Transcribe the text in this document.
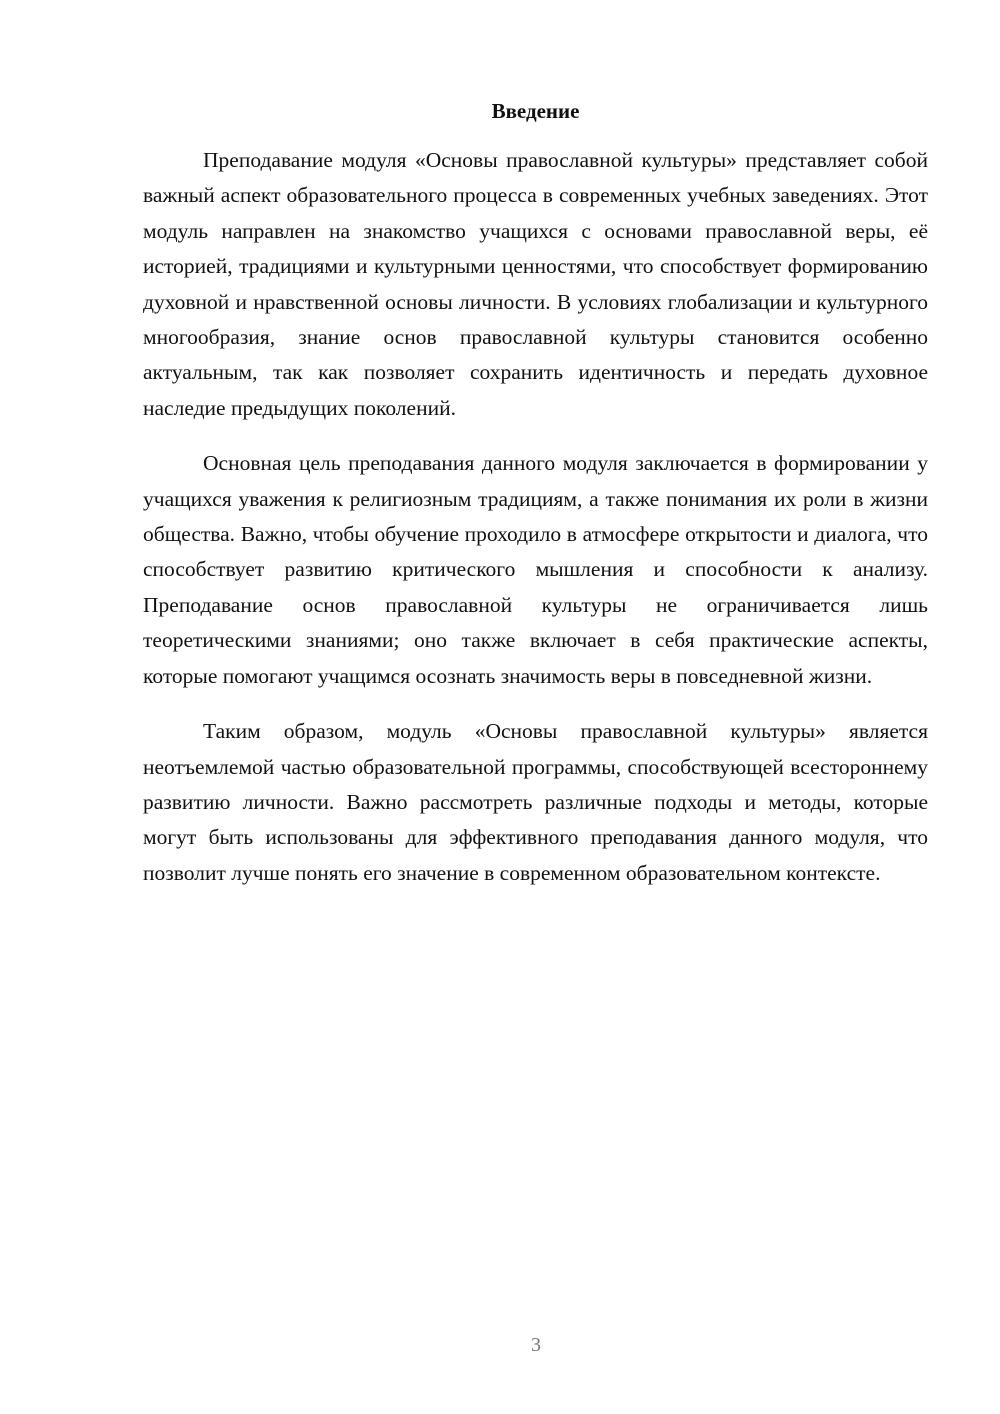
Введение

Преподавание модуля «Основы православной культуры» представляет собой важный аспект образовательного процесса в современных учебных заведениях. Этот модуль направлен на знакомство учащихся с основами православной веры, её историей, традициями и культурными ценностями, что способствует формированию духовной и нравственной основы личности. В условиях глобализации и культурного многообразия, знание основ православной культуры становится особенно актуальным, так как позволяет сохранить идентичность и передать духовное наследие предыдущих поколений.

Основная цель преподавания данного модуля заключается в формировании у учащихся уважения к религиозным традициям, а также понимания их роли в жизни общества. Важно, чтобы обучение проходило в атмосфере открытости и диалога, что способствует развитию критического мышления и способности к анализу. Преподавание основ православной культуры не ограничивается лишь теоретическими знаниями; оно также включает в себя практические аспекты, которые помогают учащимся осознать значимость веры в повседневной жизни.

Таким образом, модуль «Основы православной культуры» является неотъемлемой частью образовательной программы, способствующей всестороннему развитию личности. Важно рассмотреть различные подходы и методы, которые могут быть использованы для эффективного преподавания данного модуля, что позволит лучше понять его значение в современном образовательном контексте.

3
